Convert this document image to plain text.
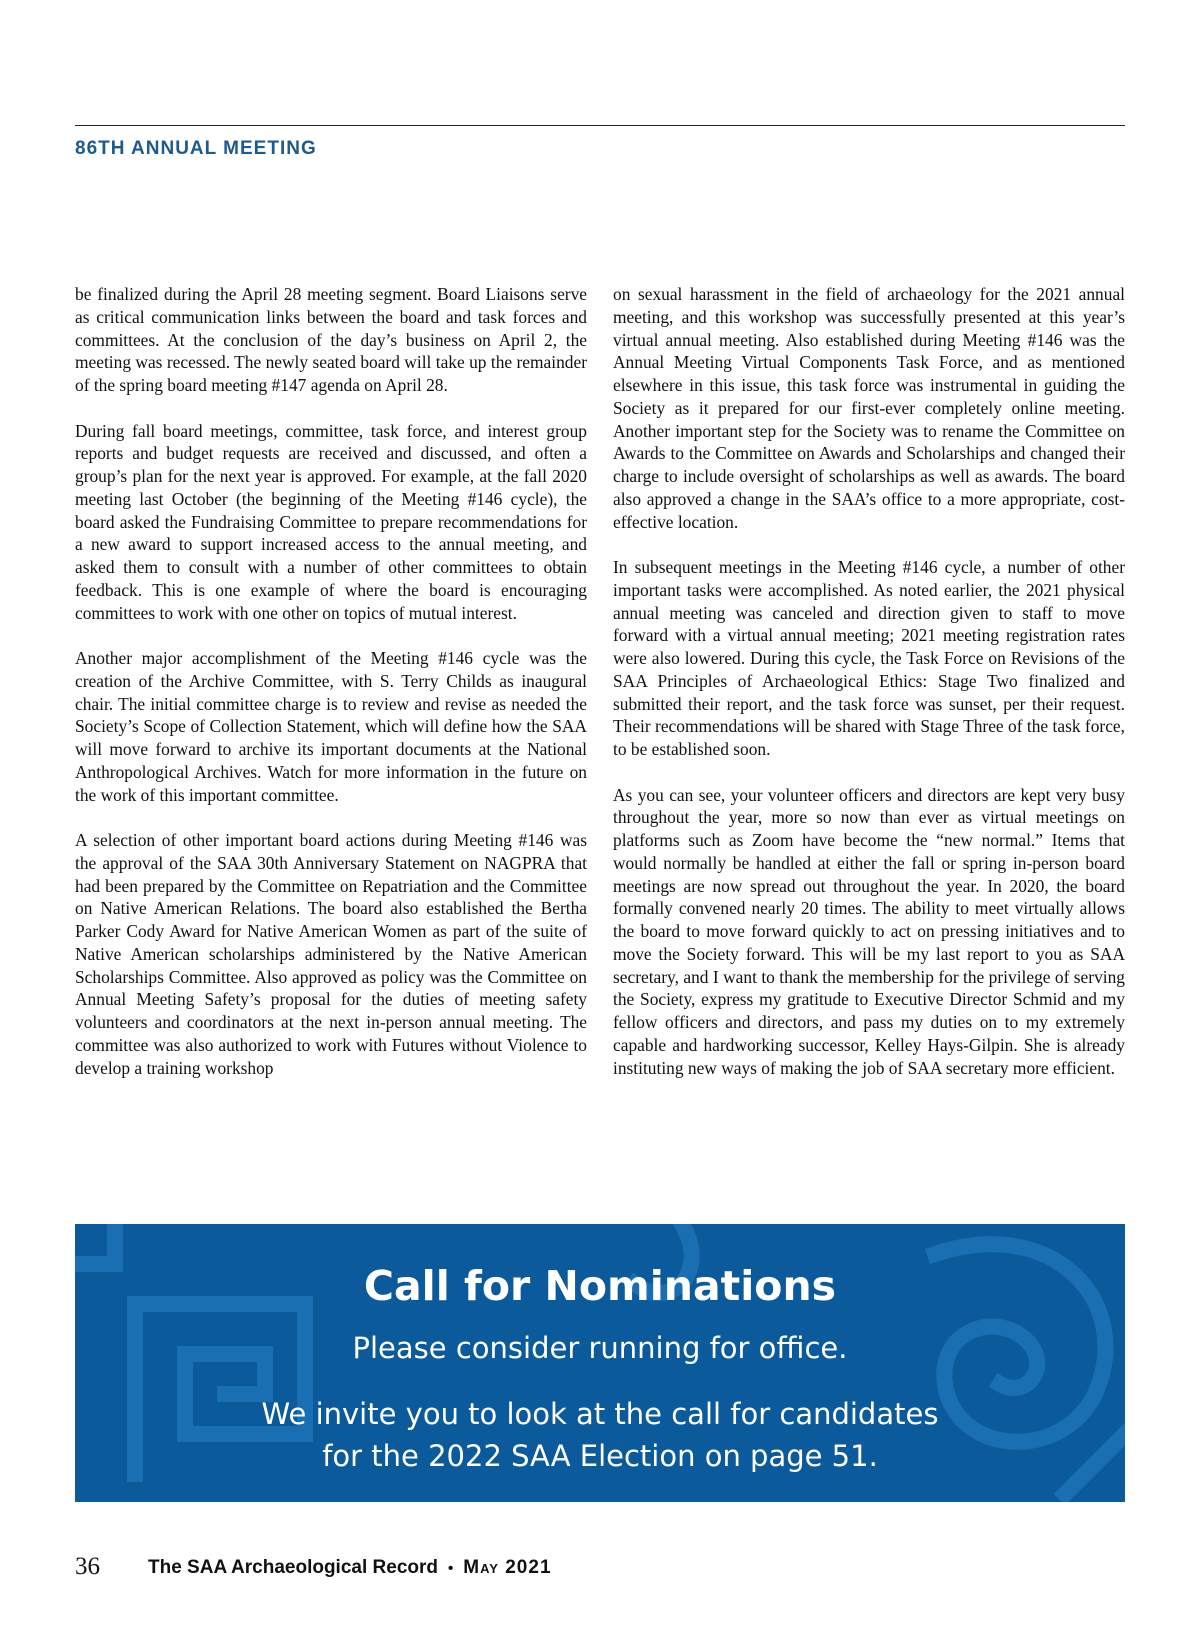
86TH ANNUAL MEETING

be finalized during the April 28 meeting segment. Board Liaisons serve as critical communication links between the board and task forces and committees. At the conclusion of the day’s business on April 2, the meeting was recessed. The newly seated board will take up the remainder of the spring board meeting #147 agenda on April 28.

During fall board meetings, committee, task force, and interest group reports and budget requests are received and discussed, and often a group’s plan for the next year is approved. For example, at the fall 2020 meeting last October (the beginning of the Meeting #146 cycle), the board asked the Fundraising Committee to prepare recommendations for a new award to support increased access to the annual meeting, and asked them to consult with a number of other committees to obtain feedback. This is one example of where the board is encouraging committees to work with one other on topics of mutual interest.

Another major accomplishment of the Meeting #146 cycle was the creation of the Archive Committee, with S. Terry Childs as inaugural chair. The initial committee charge is to review and revise as needed the Society’s Scope of Collection Statement, which will define how the SAA will move forward to archive its important documents at the National Anthropological Archives. Watch for more information in the future on the work of this important committee.

A selection of other important board actions during Meeting #146 was the approval of the SAA 30th Anniversary Statement on NAGPRA that had been prepared by the Committee on Repatriation and the Committee on Native American Relations. The board also established the Bertha Parker Cody Award for Native American Women as part of the suite of Native American scholarships administered by the Native American Scholarships Committee. Also approved as policy was the Committee on Annual Meeting Safety’s proposal for the duties of meeting safety volunteers and coordinators at the next in-person annual meeting. The committee was also authorized to work with Futures without Violence to develop a training workshop

on sexual harassment in the field of archaeology for the 2021 annual meeting, and this workshop was successfully presented at this year’s virtual annual meeting. Also established during Meeting #146 was the Annual Meeting Virtual Components Task Force, and as mentioned elsewhere in this issue, this task force was instrumental in guiding the Society as it prepared for our first-ever completely online meeting. Another important step for the Society was to rename the Committee on Awards to the Committee on Awards and Scholarships and changed their charge to include oversight of scholarships as well as awards. The board also approved a change in the SAA’s office to a more appropriate, cost-effective location.

In subsequent meetings in the Meeting #146 cycle, a number of other important tasks were accomplished. As noted earlier, the 2021 physical annual meeting was canceled and direction given to staff to move forward with a virtual annual meeting; 2021 meeting registration rates were also lowered. During this cycle, the Task Force on Revisions of the SAA Principles of Archaeological Ethics: Stage Two finalized and submitted their report, and the task force was sunset, per their request. Their recommendations will be shared with Stage Three of the task force, to be established soon.

As you can see, your volunteer officers and directors are kept very busy throughout the year, more so now than ever as virtual meetings on platforms such as Zoom have become the “new normal.” Items that would normally be handled at either the fall or spring in-person board meetings are now spread out throughout the year. In 2020, the board formally convened nearly 20 times. The ability to meet virtually allows the board to move forward quickly to act on pressing initiatives and to move the Society forward. This will be my last report to you as SAA secretary, and I want to thank the membership for the privilege of serving the Society, express my gratitude to Executive Director Schmid and my fellow officers and directors, and pass my duties on to my extremely capable and hardworking successor, Kelley Hays-Gilpin. She is already instituting new ways of making the job of SAA secretary more efficient.

Call for Nominations
Please consider running for office.
We invite you to look at the call for candidates
for the 2022 SAA Election on page 51.
36	The SAA Archaeological Record • May 2021
